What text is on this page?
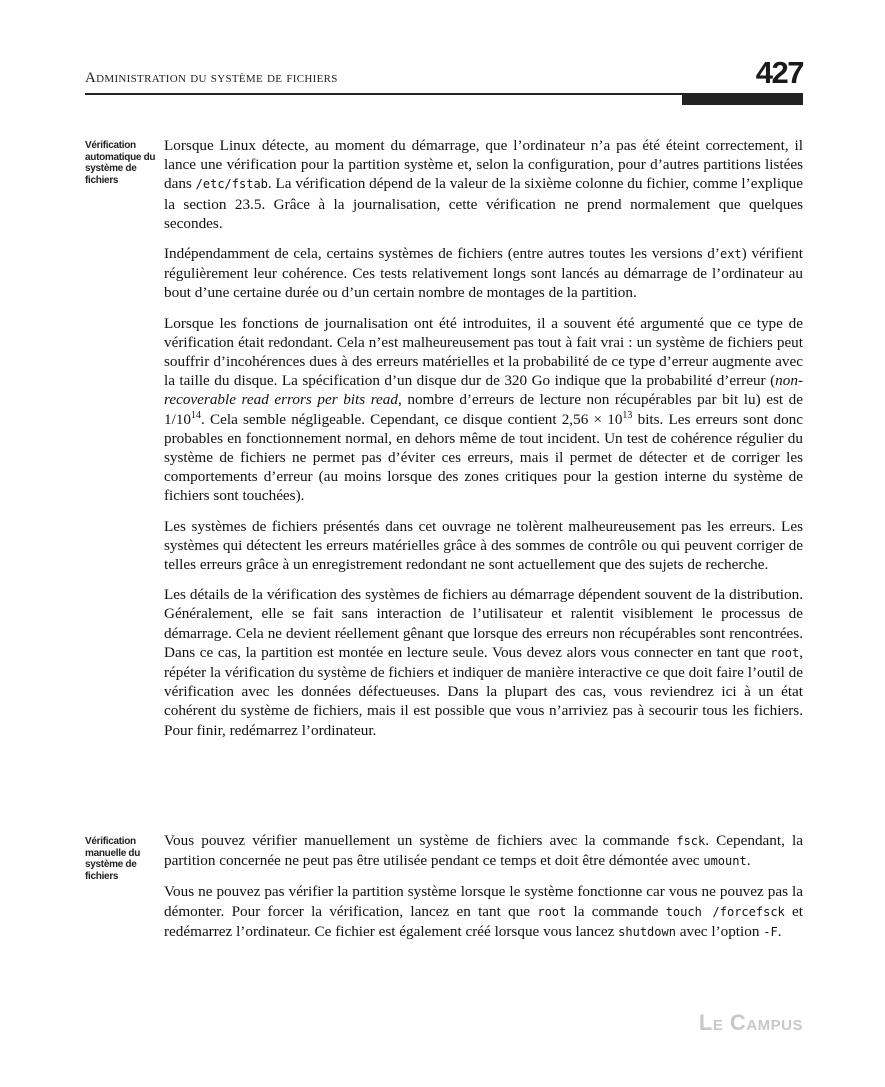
Administration du système de fichiers	427
Vérification automatique du système de fichiers

Lorsque Linux détecte, au moment du démarrage, que l’ordinateur n’a pas été éteint correctement, il lance une vérification pour la partition système et, selon la configuration, pour d’autres partitions listées dans /etc/fstab. La vérification dépend de la valeur de la sixième colonne du fichier, comme l’explique la section 23.5. Grâce à la journalisation, cette vérification ne prend normalement que quelques secondes.

Indépendamment de cela, certains systèmes de fichiers (entre autres toutes les versions d’ext) vérifient régulièrement leur cohérence. Ces tests relativement longs sont lancés au démarrage de l’ordinateur au bout d’une certaine durée ou d’un certain nombre de montages de la partition.

Lorsque les fonctions de journalisation ont été introduites, il a souvent été argumenté que ce type de vérification était redondant. Cela n’est malheureusement pas tout à fait vrai : un système de fichiers peut souffrir d’incohérences dues à des erreurs matérielles et la probabilité de ce type d’erreur augmente avec la taille du disque. La spécification d’un disque dur de 320 Go indique que la probabilité d’erreur (non-recoverable read errors per bits read, nombre d’erreurs de lecture non récupérables par bit lu) est de $1/10^{14}$. Cela semble négligeable. Cependant, ce disque contient $2,56 \times 10^{13}$ bits. Les erreurs sont donc probables en fonctionnement normal, en dehors même de tout incident. Un test de cohérence régulier du système de fichiers ne permet pas d’éviter ces erreurs, mais il permet de détecter et de corriger les comportements d’erreur (au moins lorsque des zones critiques pour la gestion interne du système de fichiers sont touchées).

Les systèmes de fichiers présentés dans cet ouvrage ne tolèrent malheureusement pas les erreurs. Les systèmes qui détectent les erreurs matérielles grâce à des sommes de contrôle ou qui peuvent corriger de telles erreurs grâce à un enregistrement redondant ne sont actuellement que des sujets de recherche.

Les détails de la vérification des systèmes de fichiers au démarrage dépendent souvent de la distribution. Généralement, elle se fait sans interaction de l’utilisateur et ralentit visiblement le processus de démarrage. Cela ne devient réellement gênant que lorsque des erreurs non récupérables sont rencontrées. Dans ce cas, la partition est montée en lecture seule. Vous devez alors vous connecter en tant que root, répéter la vérification du système de fichiers et indiquer de manière interactive ce que doit faire l’outil de vérification avec les données défectueuses. Dans la plupart des cas, vous reviendrez ici à un état cohérent du système de fichiers, mais il est possible que vous n’arriviez pas à secourir tous les fichiers. Pour finir, redémarrez l’ordinateur.

Vérification manuelle du système de fichiers

Vous pouvez vérifier manuellement un système de fichiers avec la commande fsck. Cependant, la partition concernée ne peut pas être utilisée pendant ce temps et doit être démontée avec umount.

Vous ne pouvez pas vérifier la partition système lorsque le système fonctionne car vous ne pouvez pas la démonter. Pour forcer la vérification, lancez en tant que root la commande touch /forcefsck et redémarrez l’ordinateur. Ce fichier est également créé lorsque vous lancez shutdown avec l’option -F.

Le Campus
